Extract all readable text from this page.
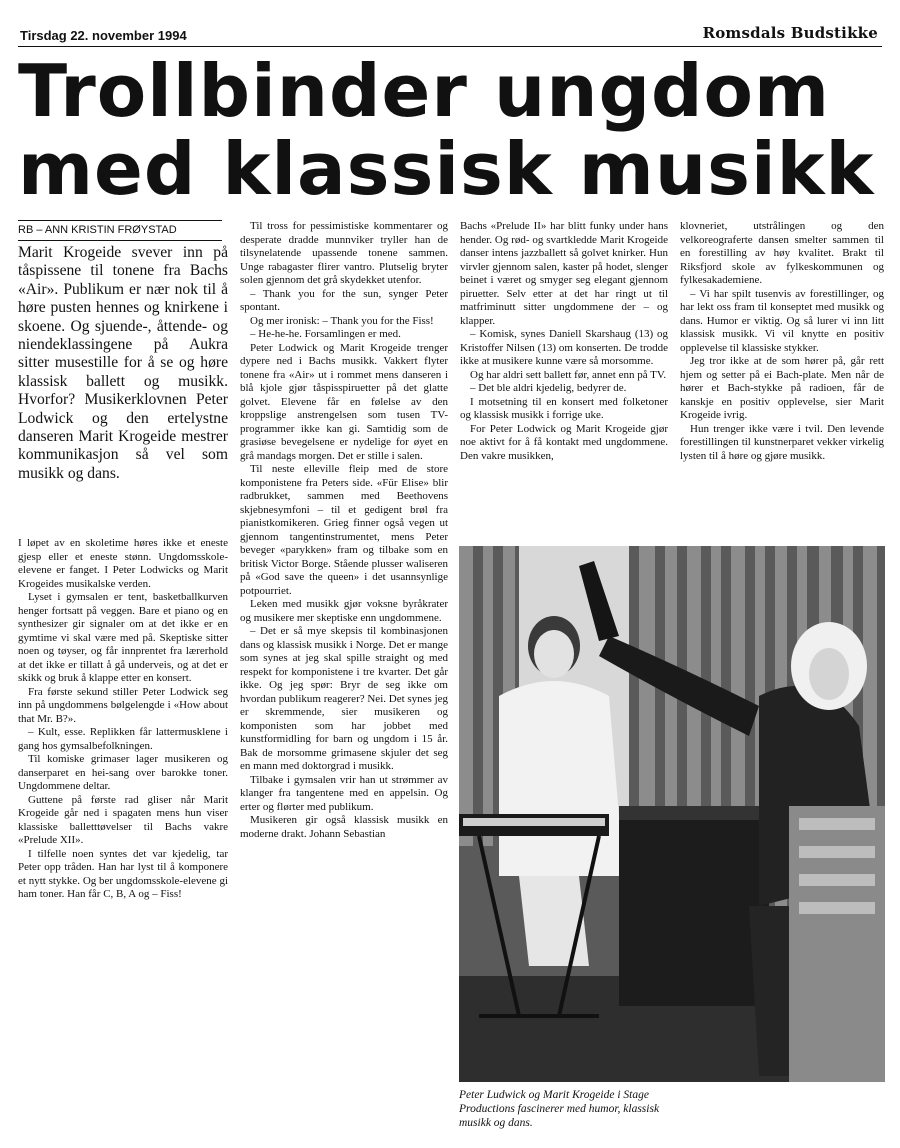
Tirsdag 22. november 1994	Romsdals Budstikke
Trollbinder ungdom
med klassisk musikk
RB – ANN KRISTIN FRØYSTAD
Marit Krogeide svever inn på tåspissene til tonene fra Bachs «Air». Publikum er nær nok til å høre pusten hennes og knirkene i skoene. Og sjuende-, åttende- og niendeklassingene på Aukra sitter musestille for å se og høre klassisk ballett og musikk. Hvorfor? Musikerklovnen Peter Lodwick og den ertelystne danseren Marit Krogeide mestrer kommunikasjon så vel som musikk og dans.

I løpet av en skoletime høres ikke et eneste gjesp eller et eneste stønn. Ungdomsskole-elevene er fanget. I Peter Lodwicks og Marit Krogeides musikalske verden.

Lyset i gymsalen er tent, basketballkurven henger fortsatt på veggen. Bare et piano og en synthesizer gir signaler om at det ikke er en gymtime vi skal være med på. Skeptiske sitter noen og tøyser, og får innprentet fra lærerhold at det ikke er tillatt å gå underveis, og at det er skikk og bruk å klappe etter en konsert.

Fra første sekund stiller Peter Lodwick seg inn på ungdommens bølgelengde i «How about that Mr. B?».

– Kult, esse. Replikken får lattermusklene i gang hos gymsalbefolkningen.

Til komiske grimaser lager musikeren og danserparet en hei-sang over barokke toner. Ungdommene deltar.

Guttene på første rad gliser når Marit Krogeide går ned i spagaten mens hun viser klassiske balletttøvelser til Bachs vakre «Prelude XII».

I tilfelle noen syntes det var kjedelig, tar Peter opp tråden. Han har lyst til å komponere et nytt stykke. Og ber ungdomsskole-elevene gi ham toner. Han får C, B, A og – Fiss!

Til tross for pessimistiske kommentarer og desperate dradde munnviker tryller han de tilsynelatende upassende tonene sammen. Unge rabagaster flirer vantro. Plutselig bryter solen gjennom det grå skydekket utenfor.

– Thank you for the sun, synger Peter spontant.

Og mer ironisk: – Thank you for the Fiss!

– He-he-he. Forsamlingen er med.

Peter Lodwick og Marit Krogeide trenger dypere ned i Bachs musikk. Vakkert flyter tonene fra «Air» ut i rommet mens danseren i blå kjole gjør tåspisspiruetter på det glatte golvet. Elevene får en følelse av den kroppslige anstrengelsen som tusen TV-programmer ikke kan gi. Samtidig som de grasiøse bevegelsene er nydelige for øyet en grå mandags morgen. Det er stille i salen.

Til neste elleville fleip med de store komponistene fra Peters side. «Für Elise» blir radbrukket, sammen med Beethovens skjebnesymfoni – til et gedigent brøl fra pianistkomikeren. Grieg finner også vegen ut gjennom tangentinstrumentet, mens Peter beveger «parykken» fram og tilbake som en britisk Victor Borge. Stående plusser waliseren på «God save the queen» i det usannsynlige potpourriet.

Leken med musikk gjør voksne byråkrater og musikere mer skeptiske enn ungdommene.

– Det er så mye skepsis til kombinasjonen dans og klassisk musikk i Norge. Det er mange som synes at jeg skal spille straight og med respekt for komponistene i tre kvarter. Det går ikke. Og jeg spør: Bryr de seg ikke om hvordan publikum reagerer? Nei. Det synes jeg er skremmende, sier musikeren og komponisten som har jobbet med kunstformidling for barn og ungdom i 15 år. Bak de morsomme grimasene skjuler det seg en mann med doktorgrad i musikk.

Tilbake i gymsalen vrir han ut strømmer av klanger fra tangentene med en appelsin. Og erter og flørter med publikum.

Musikeren gir også klassisk musikk en moderne drakt. Johann Sebastian

Bachs «Prelude II» har blitt funky under hans hender. Og rød- og svartkledde Marit Krogeide danser intens jazzballett så golvet knirker. Hun virvler gjennom salen, kaster på hodet, slenger beinet i været og smyger seg elegant gjennom piruetter. Selv etter at det har ringt ut til matfriminutt sitter ungdommene der – og klapper.

– Komisk, synes Daniell Skarshaug (13) og Kristoffer Nilsen (13) om konserten. De trodde ikke at musikere kunne være så morsomme.

Og har aldri sett ballett før, annet enn på TV.

– Det ble aldri kjedelig, bedyrer de.

I motsetning til en konsert med folketoner og klassisk musikk i forrige uke.

For Peter Lodwick og Marit Krogeide gjør noe aktivt for å få kontakt med ungdommene. Den vakre musikken,

klovneriet, utstrålingen og den velkoreograferte dansen smelter sammen til en forestilling av høy kvalitet. Brakt til Riksfjord skole av fylkeskommunen og fylkesakademiene.

– Vi har spilt tusenvis av forestillinger, og har lekt oss fram til konseptet med musikk og dans. Humor er viktig. Og så lurer vi inn litt klassisk musikk. Vi vil knytte en positiv opplevelse til klassiske stykker.

Jeg tror ikke at de som hører på, går rett hjem og setter på ei Bach-plate. Men når de hører et Bach-stykke på radioen, får de kanskje en positiv opplevelse, sier Marit Krogeide ivrig.

Hun trenger ikke være i tvil. Den levende forestillingen til kunstnerparet vekker virkelig lysten til å høre og gjøre musikk.

Peter Ludwick og Marit Krogeide i Stage Productions fascinerer med humor, klassisk musikk og dans.
